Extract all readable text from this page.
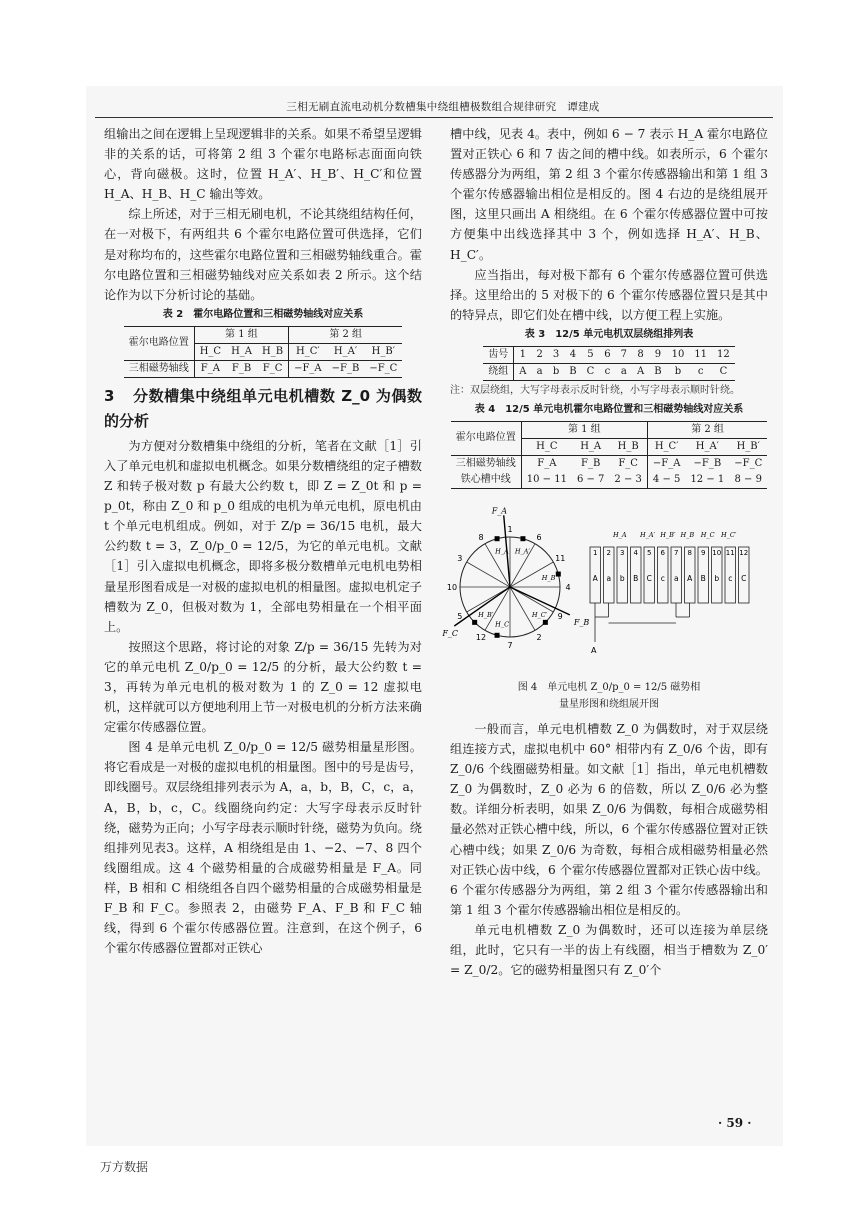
三相无刷直流电动机分数槽集中绕组槽极数组合规律研究　谭建成

组输出之间在逻辑上呈现逻辑非的关系。如果不希望呈逻辑非的关系的话，可将第 2 组 3 个霍尔电路标志面面向铁心，背向磁极。这时，位置 H_A′、H_B′、H_C′和位置 H_A、H_B、H_C 输出等效。

综上所述，对于三相无刷电机，不论其绕组结构任何，在一对极下，有两组共 6 个霍尔电路位置可供选择，它们是对称均布的，这些霍尔电路位置和三相磁势轴线重合。霍尔电路位置和三相磁势轴线对应关系如表 2 所示。这个结论作为以下分析讨论的基础。

表 2　霍尔电路位置和三相磁势轴线对应关系
霍尔电路位置	第 1 组			第 2 组		
	H_C	H_A	H_B	H_C′	H_A′	H_B′
三相磁势轴线	F_A	F_B	F_C	−F_A	−F_B	−F_C
3 分数槽集中绕组单元电机槽数 Z_0 为偶数的分析

为方便对分数槽集中绕组的分析，笔者在文献［1］引入了单元电机和虚拟电机概念。如果分数槽绕组的定子槽数 Z 和转子极对数 p 有最大公约数 t，即 Z = Z_0t 和 p = p_0t，称由 Z_0 和 p_0 组成的电机为单元电机，原电机由 t 个单元电机组成。例如，对于 Z/p = 36/15 电机，最大公约数 t = 3，Z_0/p_0 = 12/5，为它的单元电机。文献［1］引入虚拟电机概念，即将多极分数槽单元电机电势相量星形图看成是一对极的虚拟电机的相量图。虚拟电机定子槽数为 Z_0，但极对数为 1，全部电势相量在一个相平面上。

按照这个思路，将讨论的对象 Z/p = 36/15 先转为对它的单元电机 Z_0/p_0 = 12/5 的分析，最大公约数 t = 3，再转为单元电机的极对数为 1 的 Z_0 = 12 虚拟电机，这样就可以方便地利用上节一对极电机的分析方法来确定霍尔传感器位置。

图 4 是单元电机 Z_0/p_0 = 12/5 磁势相量星形图。将它看成是一对极的虚拟电机的相量图。图中的号是齿号，即线圈号。双层绕组排列表示为 A，a，b，B，C，c，a，A，B，b，c，C。线圈绕向约定：大写字母表示反时针绕，磁势为正向；小写字母表示顺时针绕，磁势为负向。绕组排列见表3。这样，A 相绕组是由 1、−2、−7、8 四个线圈组成。这 4 个磁势相量的合成磁势相量是 F_A。同样，B 相和 C 相绕组各自四个磁势相量的合成磁势相量是 F_B 和 F_C。参照表 2，由磁势 F_A、F_B 和 F_C 轴线，得到 6 个霍尔传感器位置。注意到，在这个例子，6 个霍尔传感器位置都对正铁心

槽中线，见表 4。表中，例如 6 − 7 表示 H_A 霍尔电路位置对正铁心 6 和 7 齿之间的槽中线。如表所示，6 个霍尔传感器分为两组，第 2 组 3 个霍尔传感器输出和第 1 组 3 个霍尔传感器输出相位是相反的。图 4 右边的是绕组展开图，这里只画出 A 相绕组。在 6 个霍尔传感器位置中可按方便集中出线选择其中 3 个，例如选择 H_A′、H_B、H_C′。

应当指出，每对极下都有 6 个霍尔传感器位置可供选择。这里给出的 5 对极下的 6 个霍尔传感器位置只是其中的特异点，即它们处在槽中线，以方便工程上实施。

表 3　12/5 单元电机双层绕组排列表
齿号	1	2	3	4	5	6	7	8	9	10	11	12
绕组	A	a	b	B	C	c	a	A	B	b	c	C
注：双层绕组，大写字母表示反时针绕，小写字母表示顺时针绕。
表 4　12/5 单元电机霍尔电路位置和三相磁势轴线对应关系
霍尔电路位置	第 1 组			第 2 组		
	H_C	H_A	H_B	H_C′	H_A′	H_B′
三相磁势轴线	F_A	F_B	F_C	−F_A	−F_B	−F_C
铁心槽中线	10 − 11	6 − 7	2 − 3	4 − 5	12 − 1	8 − 9
1
6
11
4
9
2
7
12
5
10
3
8
F_A
F_B
F_C
H_A H_A′
H_B′
H_B
H_C
H_C′
H_A H_A′ H_B′ H_B H_C H_C′
1
A
2
a
3
b
4
B
5
C
6
c
7
a
8
A
9
B
10
b
11
c
12
C
A
图 4　单元电机 Z_0/p_0 = 12/5 磁势相
量星形图和绕组展开图

一般而言，单元电机槽数 Z_0 为偶数时，对于双层绕组连接方式，虚拟电机中 60° 相带内有 Z_0/6 个齿，即有 Z_0/6 个线圈磁势相量。如文献［1］指出，单元电机槽数 Z_0 为偶数时，Z_0 必为 6 的倍数，所以 Z_0/6 必为整数。详细分析表明，如果 Z_0/6 为偶数，每相合成磁势相量必然对正铁心槽中线，所以，6 个霍尔传感器位置对正铁心槽中线；如果 Z_0/6 为奇数，每相合成相磁势相量必然对正铁心齿中线，6 个霍尔传感器位置都对正铁心齿中线。6 个霍尔传感器分为两组，第 2 组 3 个霍尔传感器输出和第 1 组 3 个霍尔传感器输出相位是相反的。

单元电机槽数 Z_0 为偶数时，还可以连接为单层绕组，此时，它只有一半的齿上有线圈，相当于槽数为 Z_0′ = Z_0/2。它的磁势相量图只有 Z_0′个

· 59 ·
万方数据
